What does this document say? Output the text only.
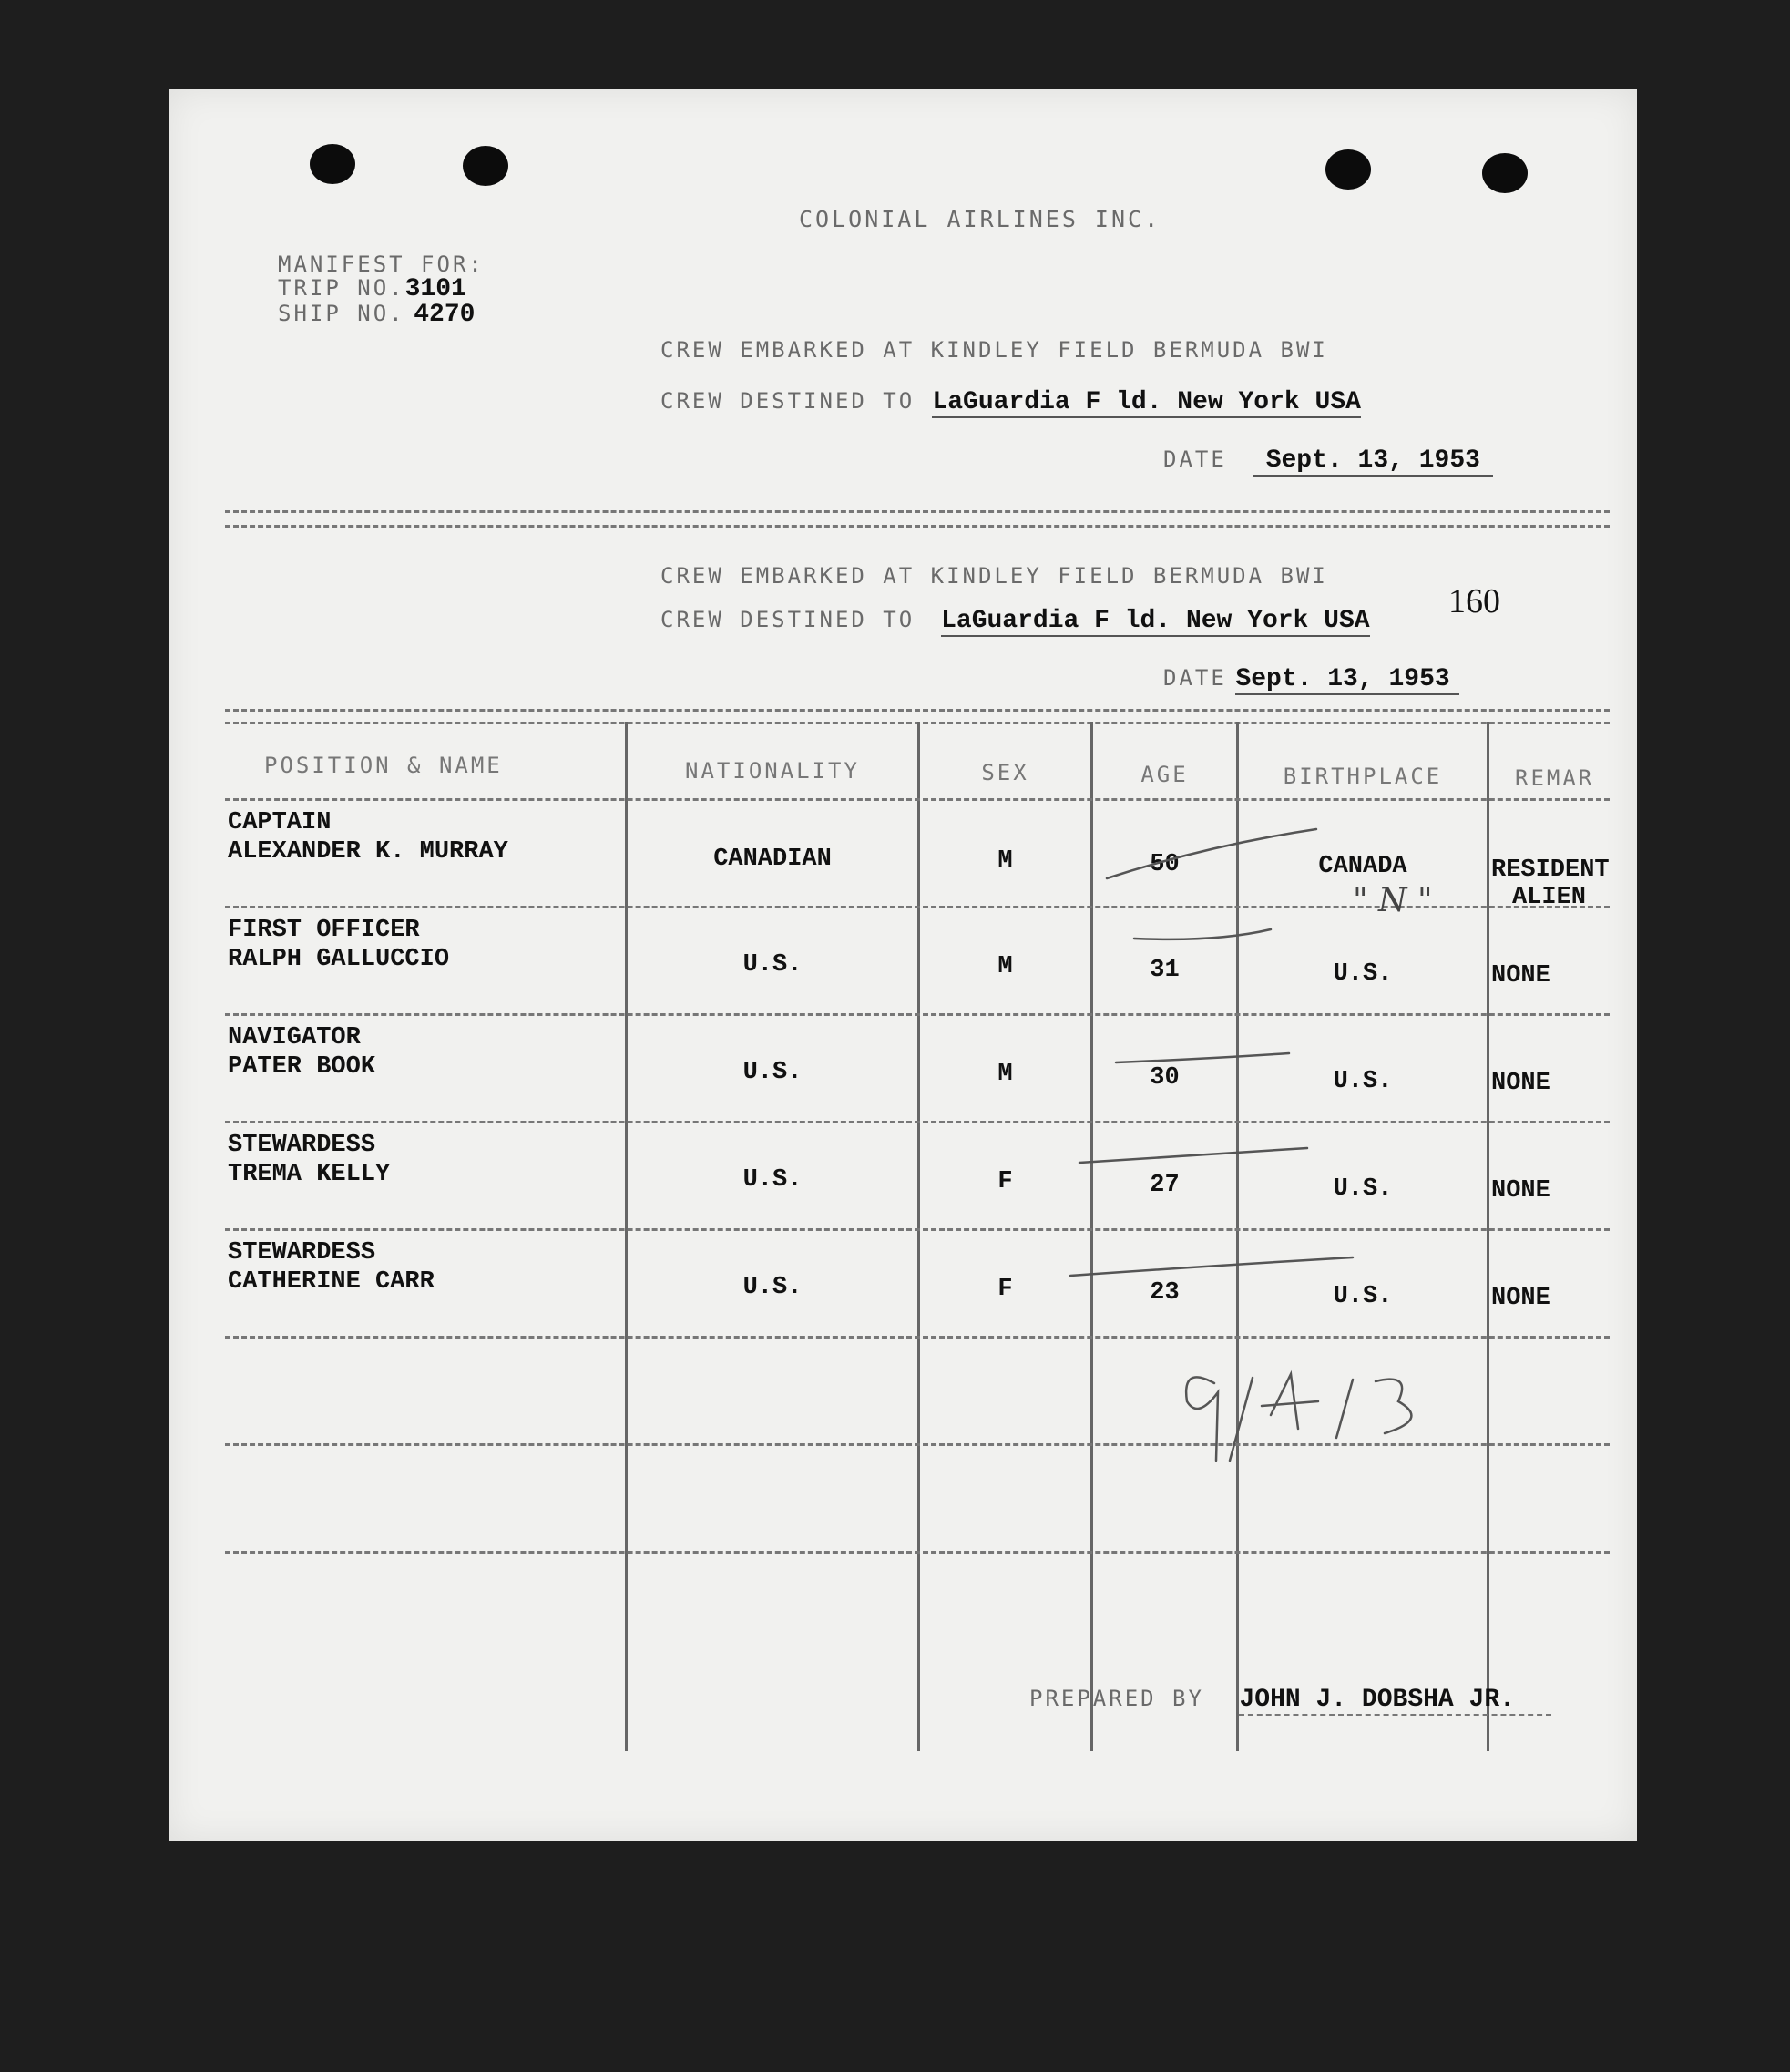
COLONIAL AIRLINES INC.
MANIFEST FOR:
TRIP NO.3101
SHIP NO. 4270
CREW EMBARKED AT KINDLEY FIELD BERMUDA BWI
CREW DESTINED TO LaGuardia F ld. New York USA
DATE Sept. 13, 1953
CREW EMBARKED AT KINDLEY FIELD BERMUDA BWI
CREW DESTINED TO LaGuardia F ld. New York USA
160
DATE Sept. 13, 1953
POSITION & NAME	NATIONALITY	SEX	AGE	BIRTHPLACE	REMAR
CAPTAIN
ALEXANDER K. MURRAY	CANADIAN	M	50	CANADA	RESIDENT
ALIEN
FIRST OFFICER
RALPH GALLUCCIO	U.S.	M	31	U.S.	NONE
NAVIGATOR
PATER BOOK	U.S.	M	30	U.S.	NONE
STEWARDESS
TREMA KELLY	U.S.	F	27	U.S.	NONE
STEWARDESS
CATHERINE CARR	U.S.	F	23	U.S.	NONE
" N "
PREPARED BY JOHN J. DOBSHA JR.
